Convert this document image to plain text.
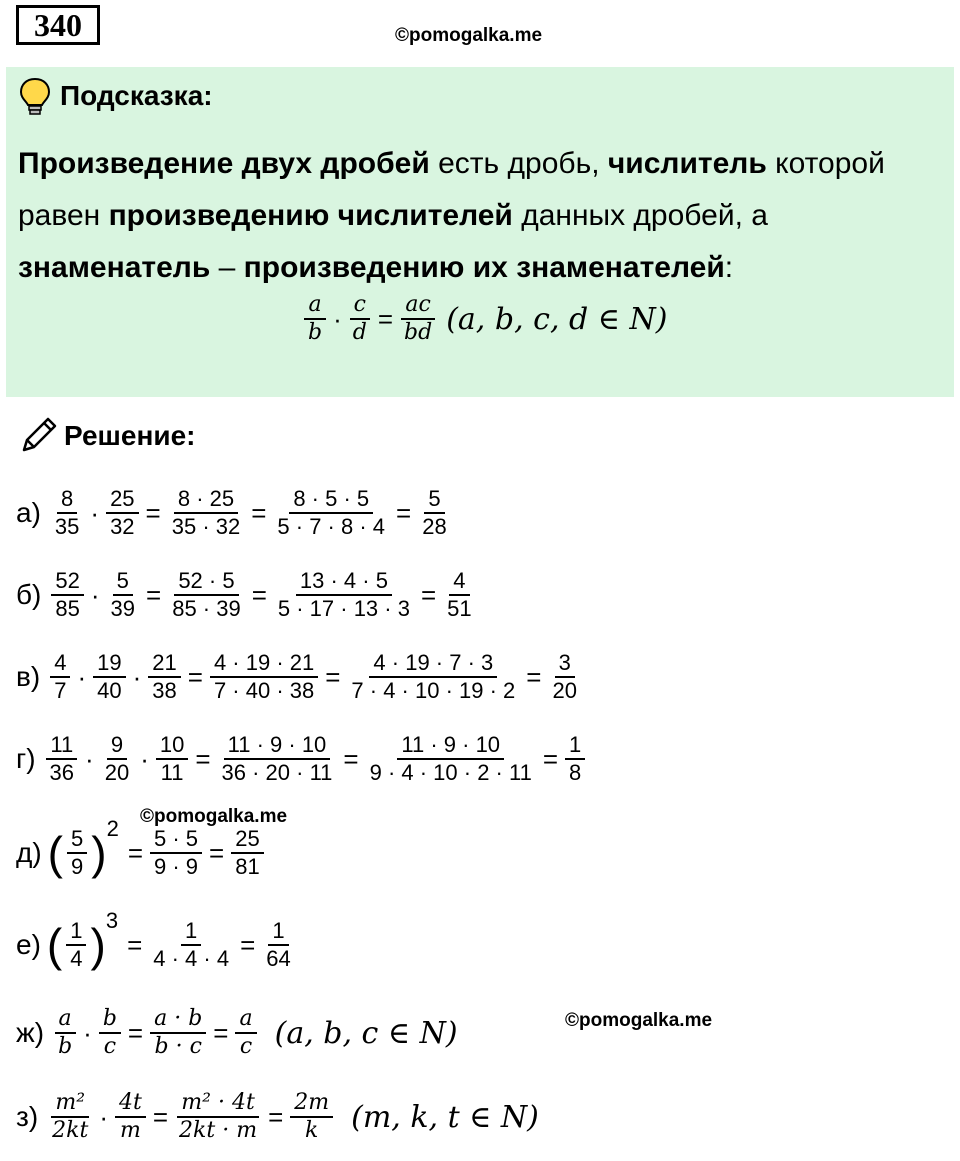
340	©pomogalka.me
Подсказка:
Произведение двух дробей есть дробь, числитель которой равен произведению числителей данных дробей, а знаменатель – произведению их знаменателей:
$\frac{a}{b} \cdot \frac{c}{d} = \frac{ac}{bd} (a$, b, c, d ∈ N)
Решение:
$а) \frac{8}{35} \cdot \frac{25}{32} = \frac{8 \cdot 25}{35 \cdot 32} = \frac{8 \cdot 5 \cdot 5}{5 \cdot 7 \cdot 8 \cdot 4} = \frac{5}{28}$
$б) \frac{52}{85} \cdot \frac{5}{39} = \frac{52 \cdot 5}{85 \cdot 39} = \frac{13 \cdot 4 \cdot 5}{5 \cdot 17 \cdot 13 \cdot 3} = \frac{4}{51}$
$в) \frac{4}{7} \cdot \frac{19}{40} \cdot \frac{21}{38} = \frac{4 \cdot 19 \cdot 21}{7 \cdot 40 \cdot 38} = \frac{4 \cdot 19 \cdot 7 \cdot 3}{7 \cdot 4 \cdot 10 \cdot 19 \cdot 2} = \frac{3}{20}$
$г) \frac{11}{36} \cdot \frac{9}{20} \cdot \frac{10}{11} = \frac{11 \cdot 9 \cdot 10}{36 \cdot 20 \cdot 11} = \frac{11 \cdot 9 \cdot 10}{9 \cdot 4 \cdot 10 \cdot 2 \cdot 11} = \frac{1}{8}$
©pomogalka.me
д) ( $\frac{5}{9}$ ) 2
= $\frac{5 \cdot 5}{9 \cdot 9} = \frac{25}{81}$
е) ( $\frac{1}{4}$ ) 3
= $\frac{1}{4 \cdot 4 \cdot 4} = \frac{1}{64}$
$ж) \frac{a}{b} \cdot \frac{b}{c} = \frac{a \cdot b}{b \cdot c} = \frac{a}{c} (a$, b, c ∈ N)	©pomogalka.me
$з) \frac{\text{m²}}{2kt} \cdot \frac{4t}{m} = \frac{\text{m² · 4t}}{2kt \cdot m} = \frac{2m}{k} (m$, k, t ∈ N)
